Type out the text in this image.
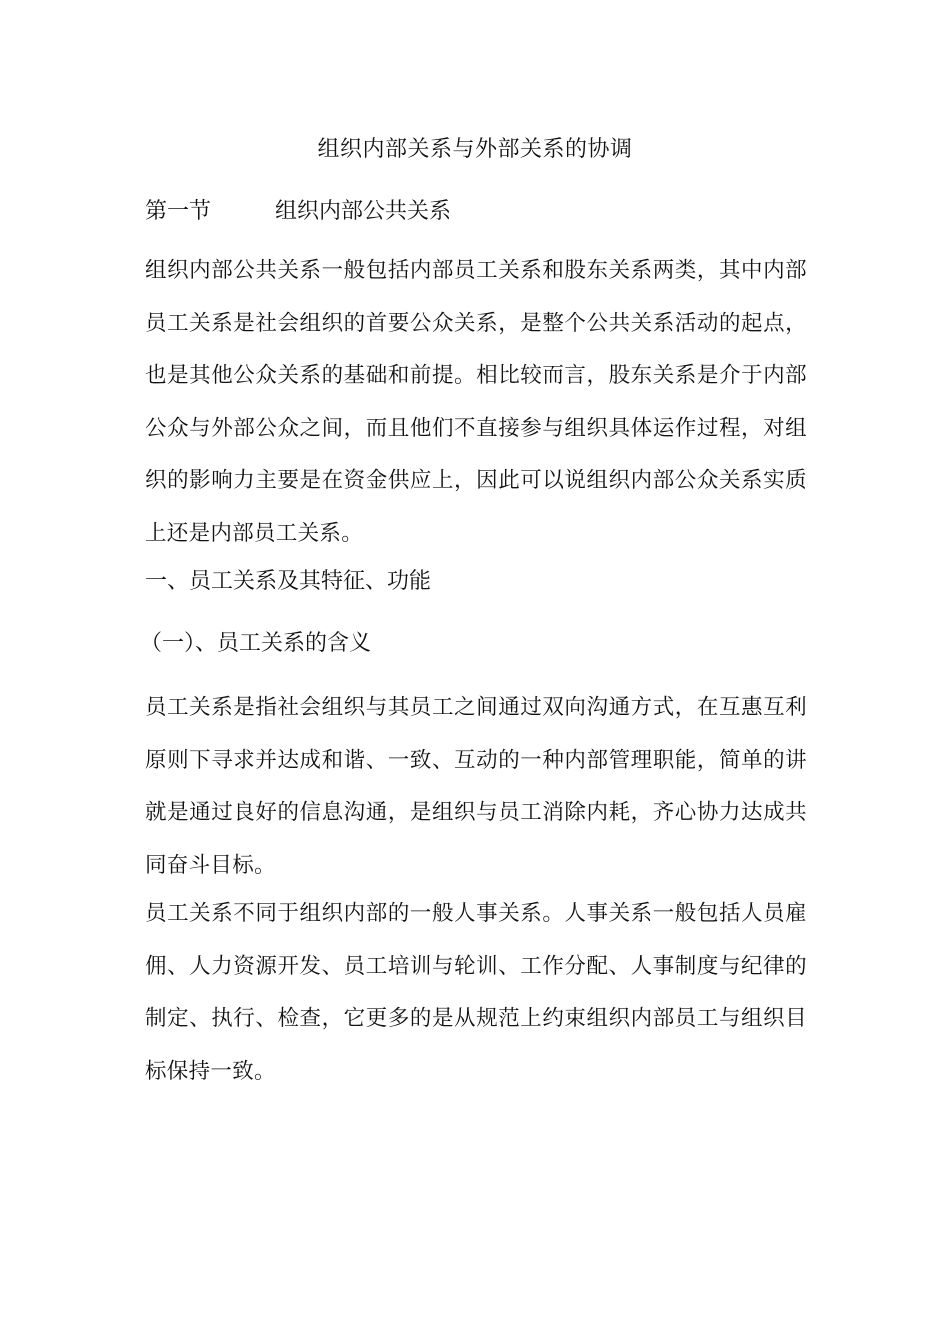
组织内部关系与外部关系的协调
第一节	组织内部公共关系

组织内部公共关系一般包括内部员工关系和股东关系两类，其中内部员工关系是社会组织的首要公众关系，是整个公共关系活动的起点，也是其他公众关系的基础和前提。相比较而言，股东关系是介于内部公众与外部公众之间，而且他们不直接参与组织具体运作过程，对组织的影响力主要是在资金供应上，因此可以说组织内部公众关系实质上还是内部员工关系。

一、员工关系及其特征、功能
（一）、员工关系的含义

员工关系是指社会组织与其员工之间通过双向沟通方式，在互惠互利原则下寻求并达成和谐、一致、互动的一种内部管理职能，简单的讲就是通过良好的信息沟通，是组织与员工消除内耗，齐心协力达成共同奋斗目标。

员工关系不同于组织内部的一般人事关系。人事关系一般包括人员雇佣、人力资源开发、员工培训与轮训、工作分配、人事制度与纪律的制定、执行、检查，它更多的是从规范上约束组织内部员工与组织目标保持一致。
